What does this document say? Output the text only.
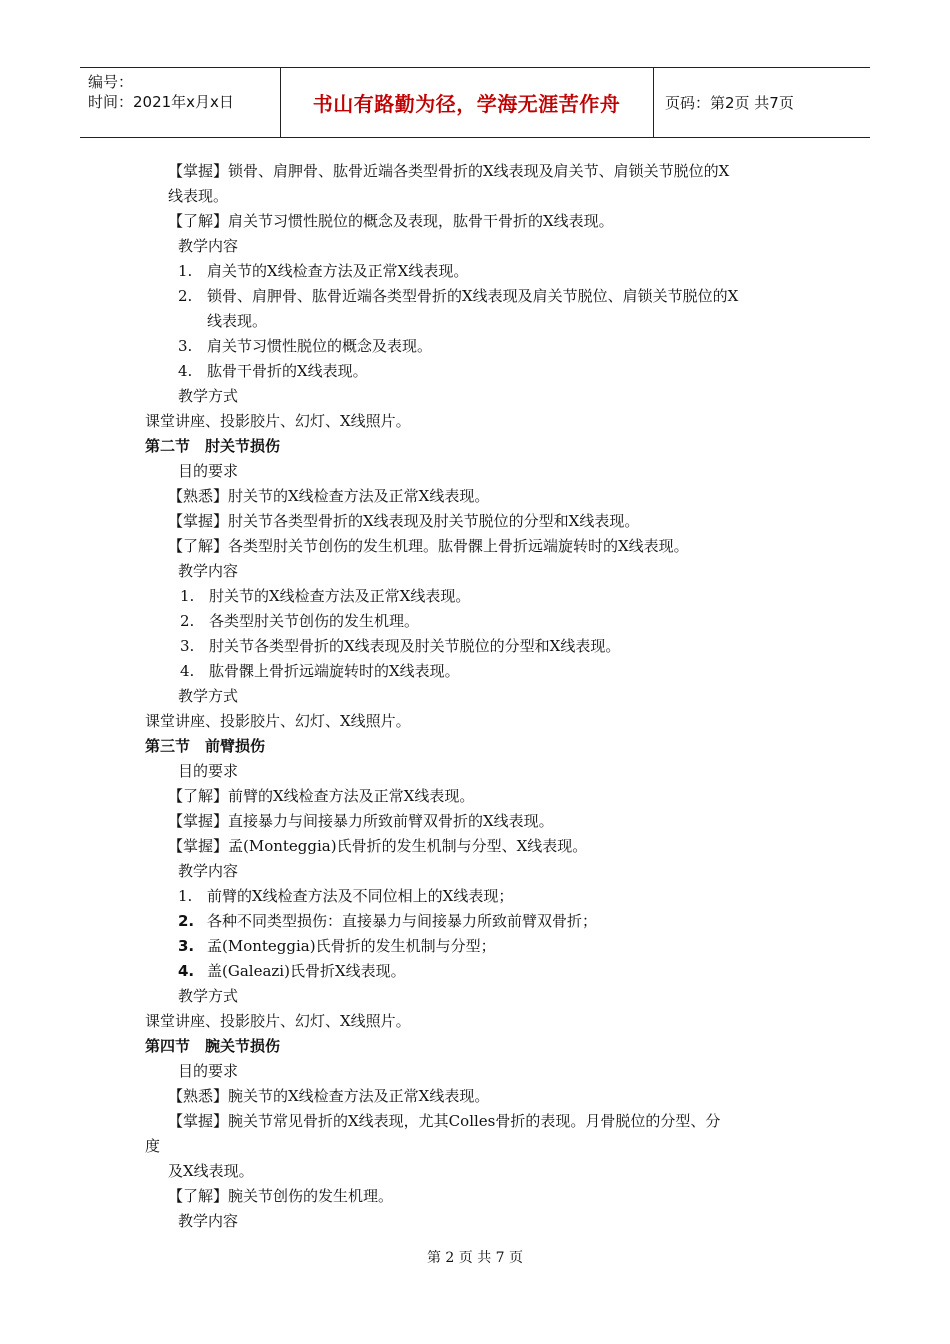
编号：
时间：2021年x月x日	书山有路勤为径，学海无涯苦作舟	页码：第2页 共7页
【掌握】锁骨、肩胛骨、肱骨近端各类型骨折的X线表现及肩关节、肩锁关节脱位的X
线表现。
【了解】肩关节习惯性脱位的概念及表现，肱骨干骨折的X线表现。
教学内容
1. 肩关节的X线检查方法及正常X线表现。
2. 锁骨、肩胛骨、肱骨近端各类型骨折的X线表现及肩关节脱位、肩锁关节脱位的X
线表现。
3. 肩关节习惯性脱位的概念及表现。
4. 肱骨干骨折的X线表现。
教学方式
课堂讲座、投影胶片、幻灯、X线照片。
第二节　肘关节损伤
目的要求
【熟悉】肘关节的X线检查方法及正常X线表现。
【掌握】肘关节各类型骨折的X线表现及肘关节脱位的分型和X线表现。
【了解】各类型肘关节创伤的发生机理。肱骨髁上骨折远端旋转时的X线表现。
教学内容
1. 肘关节的X线检查方法及正常X线表现。
2. 各类型肘关节创伤的发生机理。
3. 肘关节各类型骨折的X线表现及肘关节脱位的分型和X线表现。
4. 肱骨髁上骨折远端旋转时的X线表现。
教学方式
课堂讲座、投影胶片、幻灯、X线照片。
第三节　前臂损伤
目的要求
【了解】前臂的X线检查方法及正常X线表现。
【掌握】直接暴力与间接暴力所致前臂双骨折的X线表现。
【掌握】孟(Monteggia)氏骨折的发生机制与分型、X线表现。
教学内容
1. 前臂的X线检查方法及不同位相上的X线表现；
2. 各种不同类型损伤：直接暴力与间接暴力所致前臂双骨折；
3. 孟(Monteggia)氏骨折的发生机制与分型；
4. 盖(Galeazi)氏骨折X线表现。
教学方式
课堂讲座、投影胶片、幻灯、X线照片。
第四节　腕关节损伤
目的要求
【熟悉】腕关节的X线检查方法及正常X线表现。
【掌握】腕关节常见骨折的X线表现，尤其Colles骨折的表现。月骨脱位的分型、分
度
及X线表现。
【了解】腕关节创伤的发生机理。
教学内容
第 2 页 共 7 页
